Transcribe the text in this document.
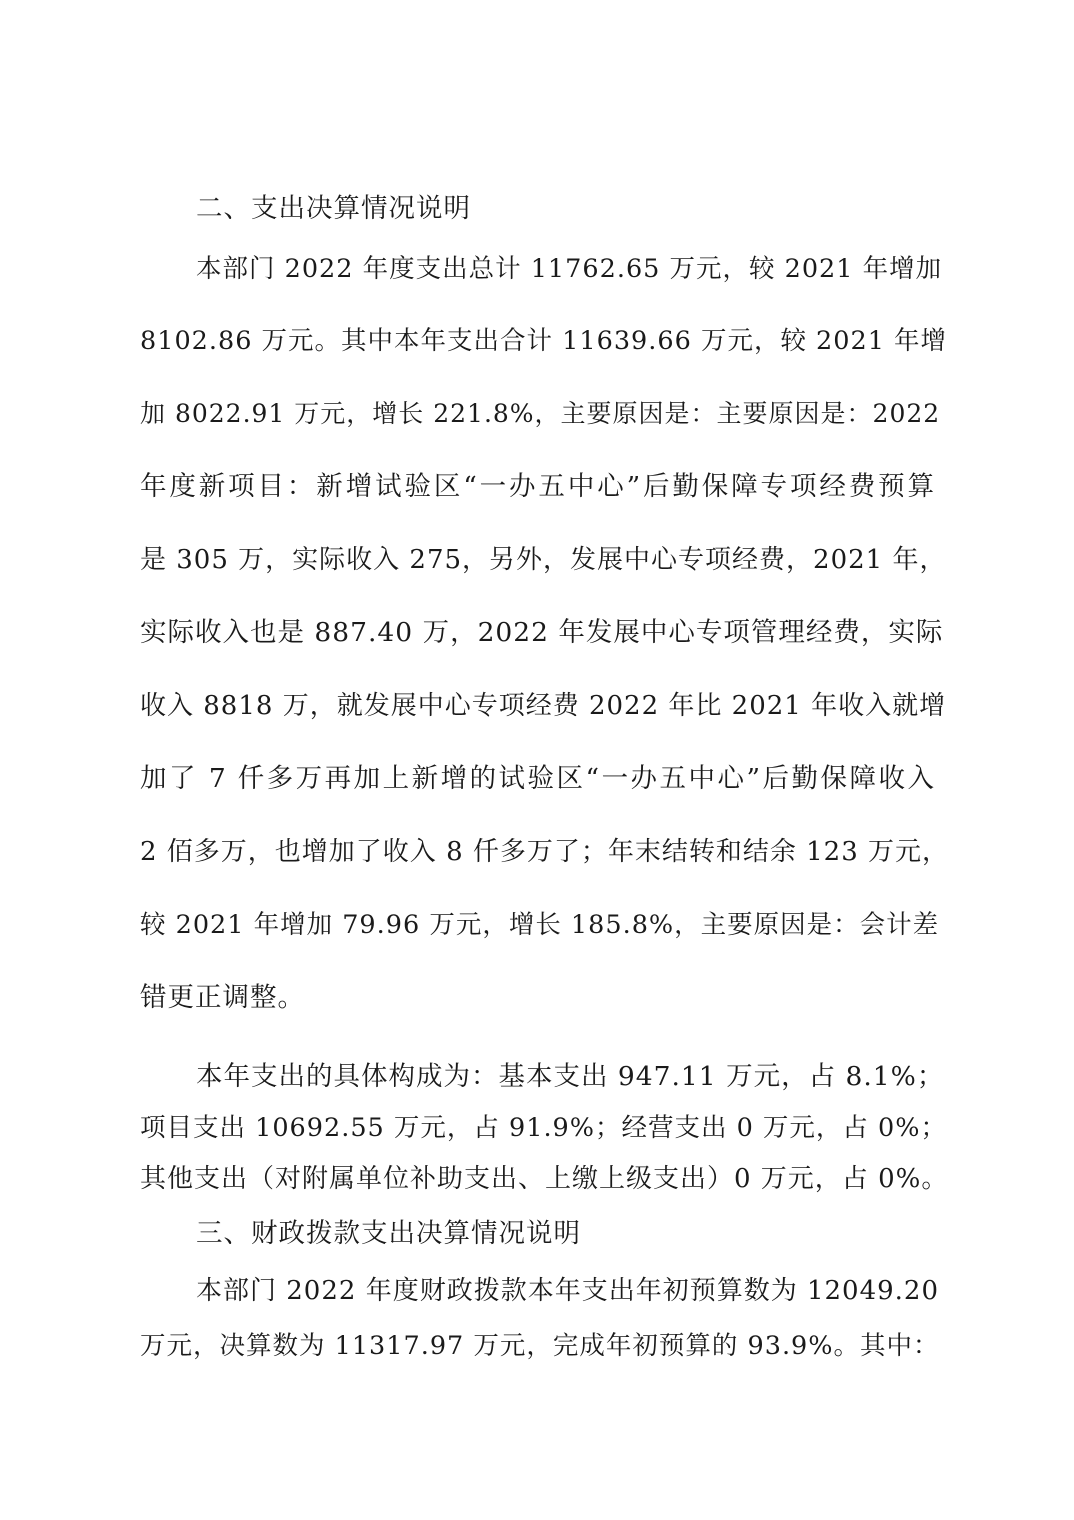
二、支出决算情况说明
本部门 2022 年度支出总计 11762.65 万元，较 2021 年增加
8102.86 万元。其中本年支出合计 11639.66 万元，较 2021 年增
加 8022.91 万元，增长 221.8%，主要原因是：主要原因是：2022
年度新项目：新增试验区“一办五中心”后勤保障专项经费预算
是 305 万，实际收入 275，另外，发展中心专项经费，2021 年，
实际收入也是 887.40 万，2022 年发展中心专项管理经费，实际
收入 8818 万，就发展中心专项经费 2022 年比 2021 年收入就增
加了 7 仟多万再加上新增的试验区“一办五中心”后勤保障收入
2 佰多万，也增加了收入 8 仟多万了；年末结转和结余 123 万元，
较 2021 年增加 79.96 万元，增长 185.8%，主要原因是：会计差
错更正调整。
本年支出的具体构成为：基本支出 947.11 万元，占 8.1%；
项目支出 10692.55 万元，占 91.9%；经营支出 0 万元，占 0%；
其他支出（对附属单位补助支出、上缴上级支出）0 万元，占 0%。
三、财政拨款支出决算情况说明
本部门 2022 年度财政拨款本年支出年初预算数为 12049.20
万元，决算数为 11317.97 万元，完成年初预算的 93.9%。其中：
